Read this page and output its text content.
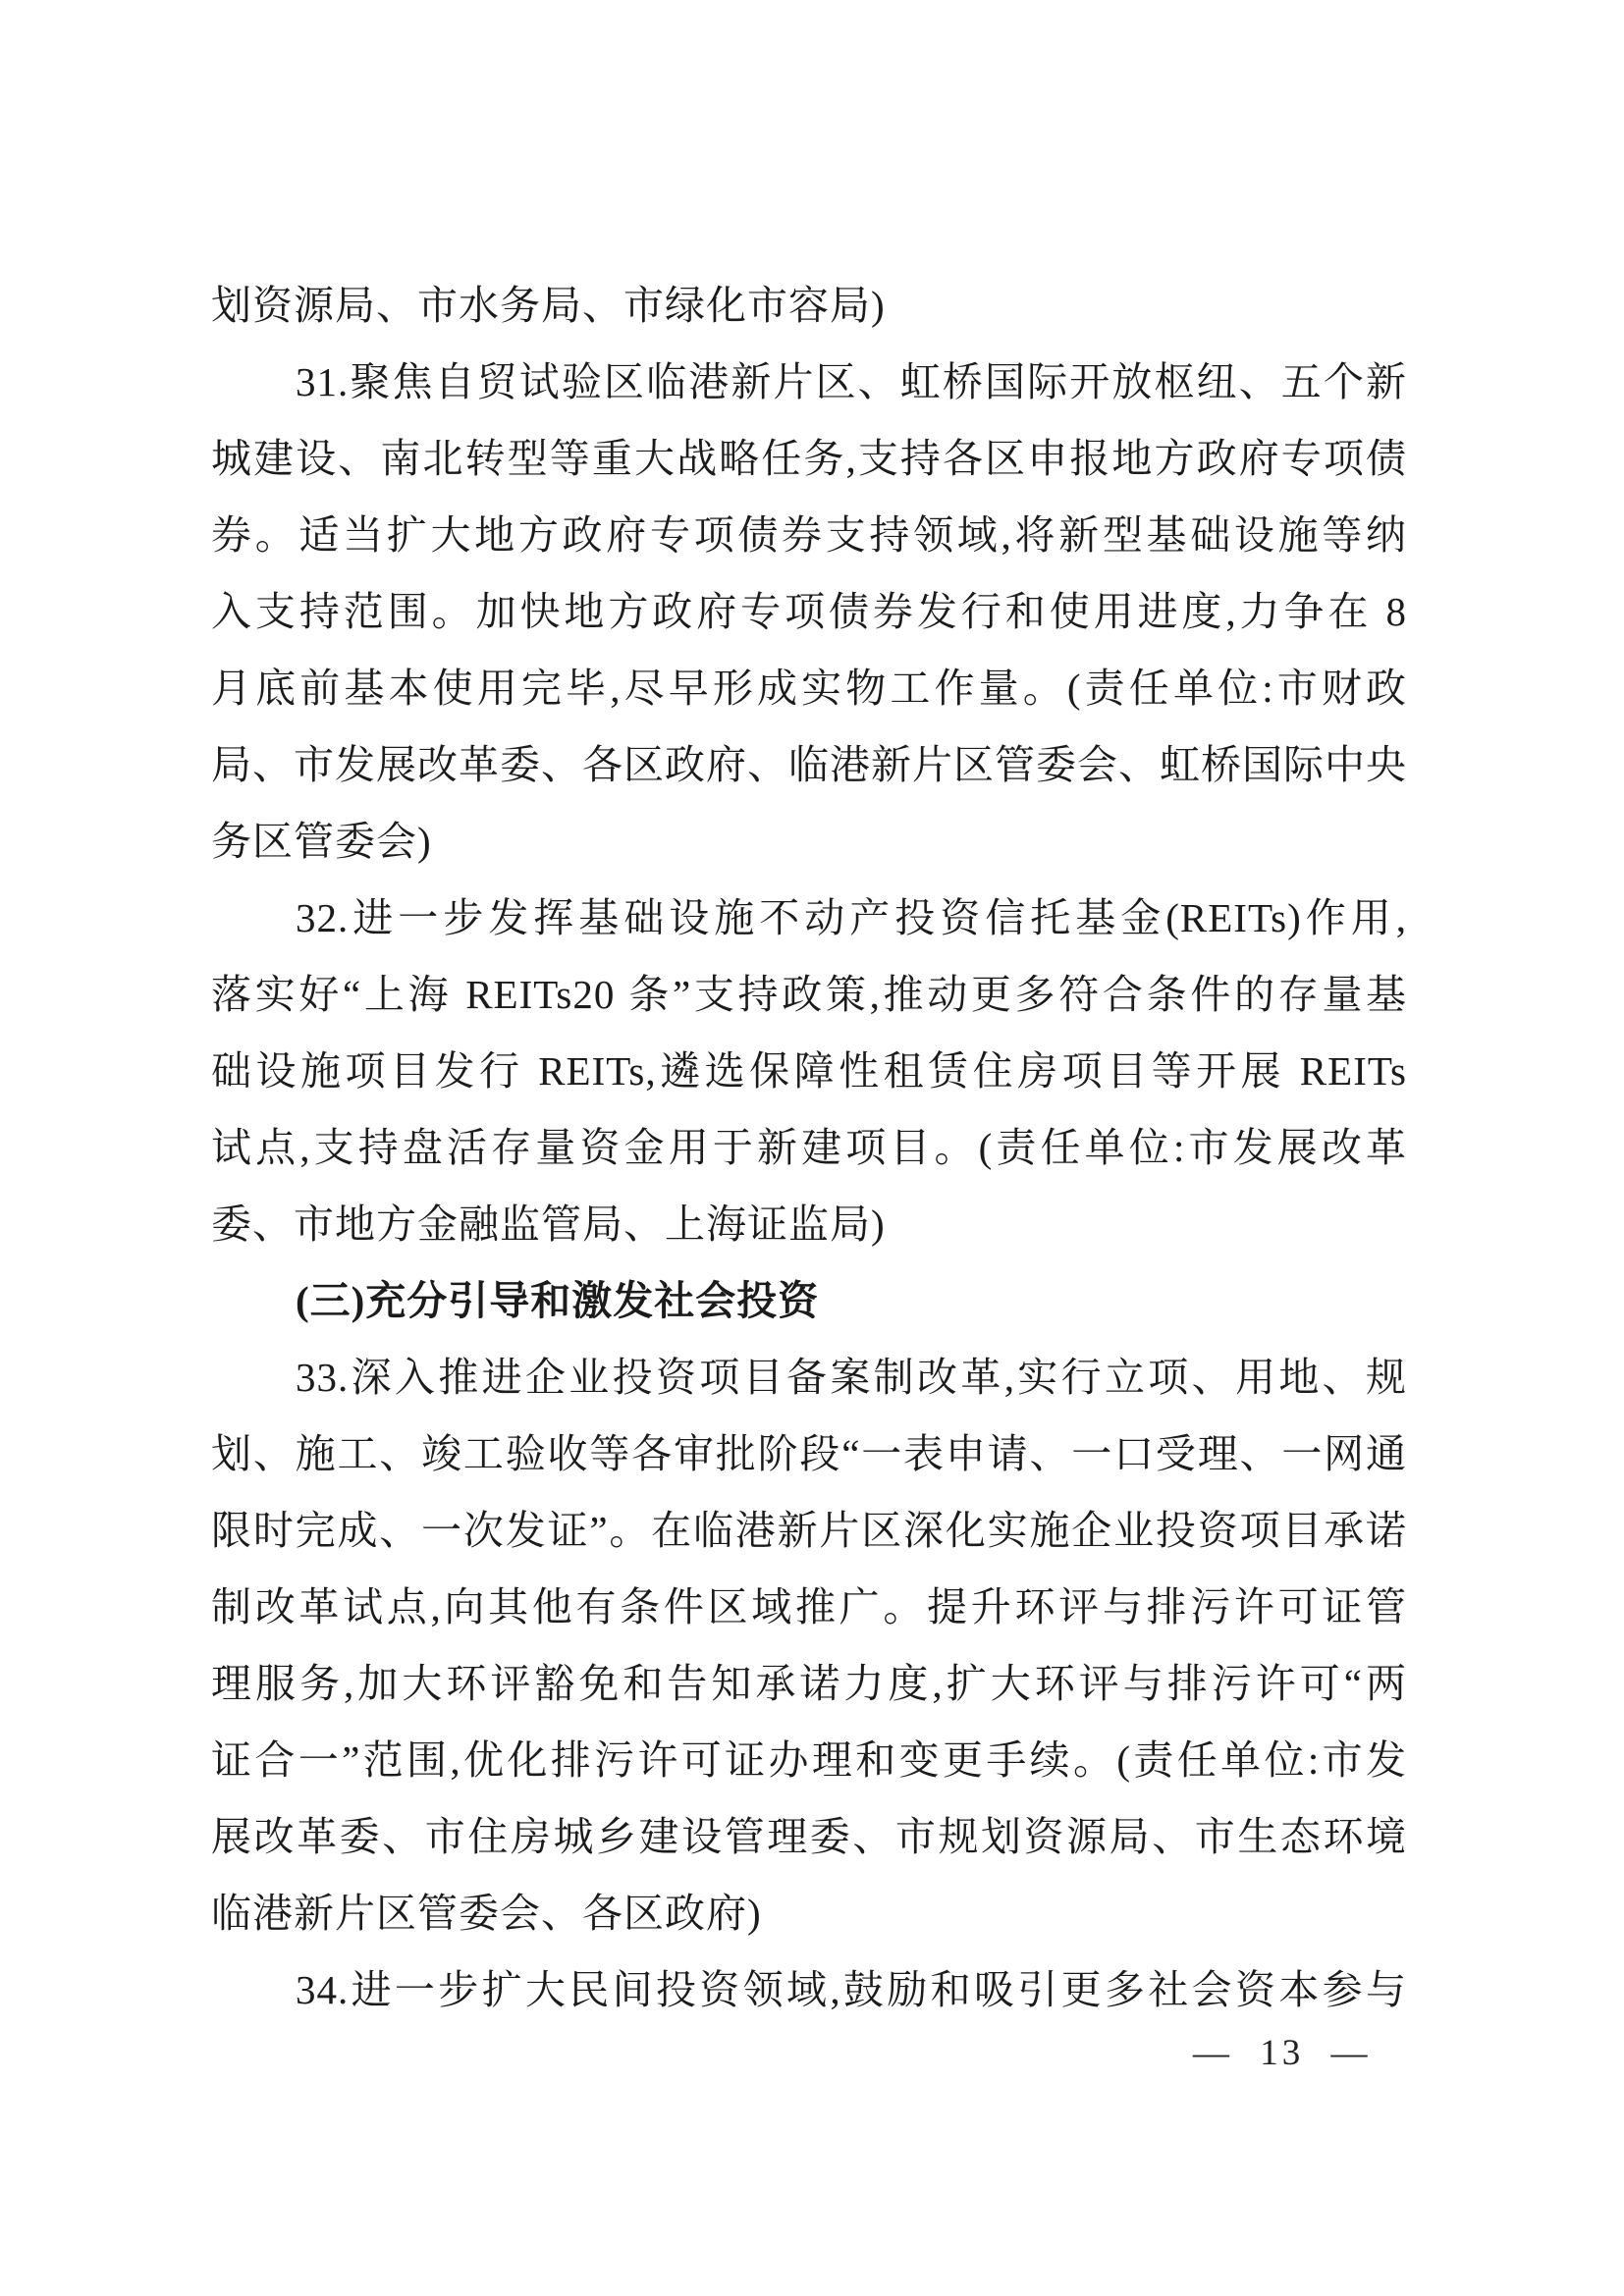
划资源局、市水务局、市绿化市容局)
31.聚焦自贸试验区临港新片区、虹桥国际开放枢纽、五个新
城建设、南北转型等重大战略任务,支持各区申报地方政府专项债
券。适当扩大地方政府专项债券支持领域,将新型基础设施等纳
入支持范围。加快地方政府专项债券发行和使用进度,力争在 8
月底前基本使用完毕,尽早形成实物工作量。(责任单位:市财政
局、市发展改革委、各区政府、临港新片区管委会、虹桥国际中央
务区管委会)
32.进一步发挥基础设施不动产投资信托基金(REITs)作用,
落实好“上海 REITs20 条”支持政策,推动更多符合条件的存量基
础设施项目发行 REITs,遴选保障性租赁住房项目等开展 REITs
试点,支持盘活存量资金用于新建项目。(责任单位:市发展改革
委、市地方金融监管局、上海证监局)
(三)充分引导和激发社会投资
33.深入推进企业投资项目备案制改革,实行立项、用地、规
划、施工、竣工验收等各审批阶段“一表申请、一口受理、一网通
限时完成、一次发证”。在临港新片区深化实施企业投资项目承诺
制改革试点,向其他有条件区域推广。提升环评与排污许可证管
理服务,加大环评豁免和告知承诺力度,扩大环评与排污许可“两
证合一”范围,优化排污许可证办理和变更手续。(责任单位:市发
展改革委、市住房城乡建设管理委、市规划资源局、市生态环境
临港新片区管委会、各区政府)
34.进一步扩大民间投资领域,鼓励和吸引更多社会资本参与
— 13 —
